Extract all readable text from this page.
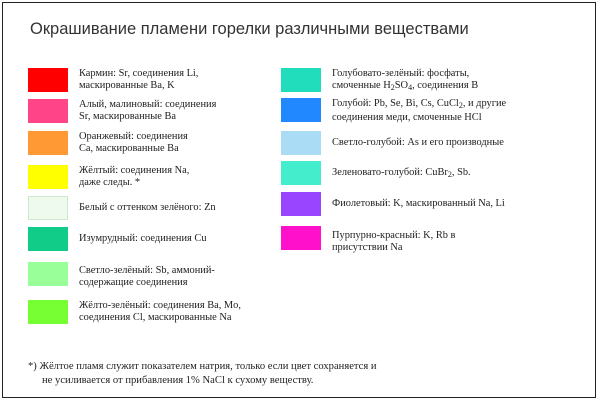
Окрашивание пламени горелки различными веществами
Кармин: Sr, соединения Li,
маскированные Ba, K
Алый, малиновый: соединения
Sr, маскированные Ba
Оранжевый: соединения
Ca, маскированные Ba
Жёлтый: соединения Na,
даже следы. *
Белый с оттенком зелёного: Zn
Изумрудный: соединения Cu
Светло-зелёный: Sb, аммоний-
содержащие соединения
Жёлто-зелёный: соединения Ba, Mo,
соединения Cl, маскированные Na
Голубовато-зелёный: фосфаты,
смоченные $H_2SO_4$, соединения B
Голубой: Pb, Se, Bi, Cs, CuCl$_2$, и другие
соединения меди, смоченные HCl
Светло-голубой: As и его производные
Зеленовато-голубой: CuBr$_2$, Sb.
Фиолетовый: K, маскированный Na, Li
Пурпурно-красный: K, Rb в
присутствии Na
*) Жёлтое пламя служит показателем натрия, только если цвет сохраняется и
не усиливается от прибавления 1% NaCl к сухому веществу.
